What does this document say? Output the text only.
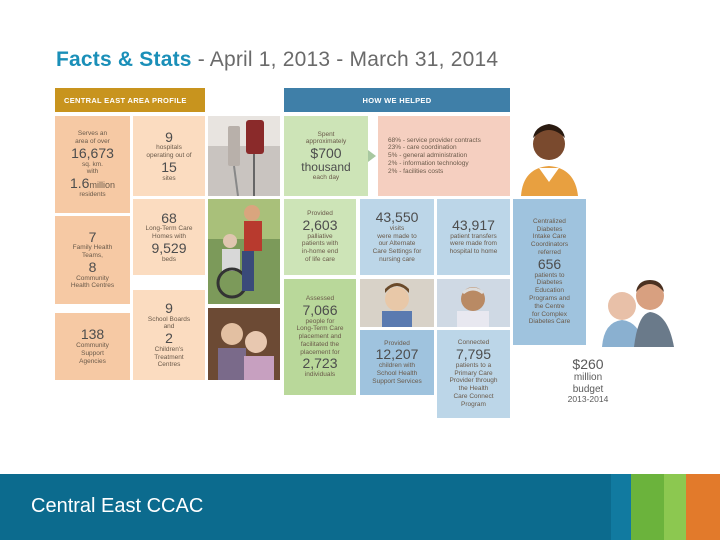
Facts & Stats - April 1, 2013 - March 31, 2014
CENTRAL EAST AREA PROFILE	HOW WE HELPED
Serves an
area of over
16,673
sq. km.
with
1.6million
residents
9
hospitals
operating out of
15
sites
68
Long-Term Care
Homes with
9,529
beds
7
Family Health
Teams,
8
Community
Health Centres
9
School Boards
and
2
Children's
Treatment
Centres
138
Community
Support
Agencies
Spent
approximately
$700
thousand
each day
68% - service provider contracts
23% - care coordination
5% - general administration
2% - information technology
2% - facilities costs
Provided
2,603
palliative
patients with
in-home end
of life care
43,550
visits
were made to
our Alternate
Care Settings for
nursing care
43,917
patient transfers
were made from
hospital to home
Assessed
7,066
people for
Long-Term Care
placement and
facilitated the
placement for
2,723
individuals
Provided
12,207
children with
School Health
Support Services
Connected
7,795
patients to a
Primary Care
Provider through
the Health
Care Connect
Program
Centralized
Diabetes
Intake Care
Coordinators
referred
656
patients to
Diabetes
Education
Programs and
the Centre
for Complex
Diabetes Care
$260
million
budget
2013-2014
Central East CCAC
